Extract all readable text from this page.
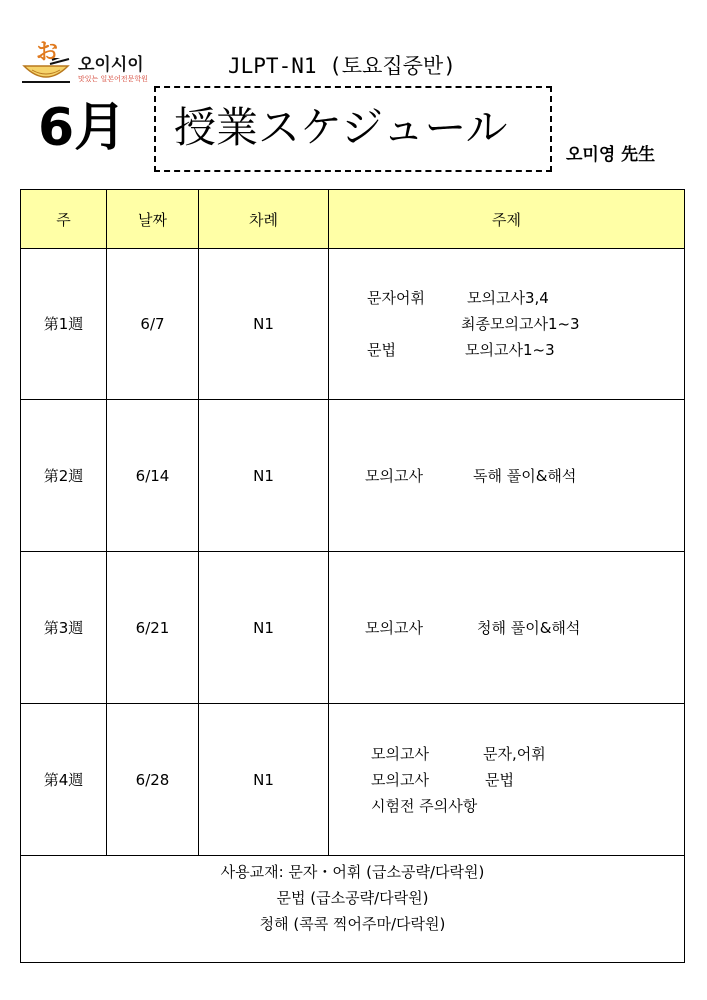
お 오이시이
맛있는 일본어전문학원
JLPT-N1 (토요집중반)
6月 授業スケジュール
오미영 先生
주	날짜	차례	주제
第1週	6/7	N1
문자어휘	모의고사3,4
최종모의고사1~3
문법	모의고사1~3
第2週	6/14	N1	모의고사	독해 풀이&해석
第3週	6/21	N1	모의고사	청해 풀이&해석
第4週	6/28	N1
모의고사	문자,어휘
모의고사	문법
시험전 주의사항
사용교재: 문자・어휘 (급소공략/다락원)
문법 (급소공략/다락원)
청해 (콕콕 찍어주마/다락원)
